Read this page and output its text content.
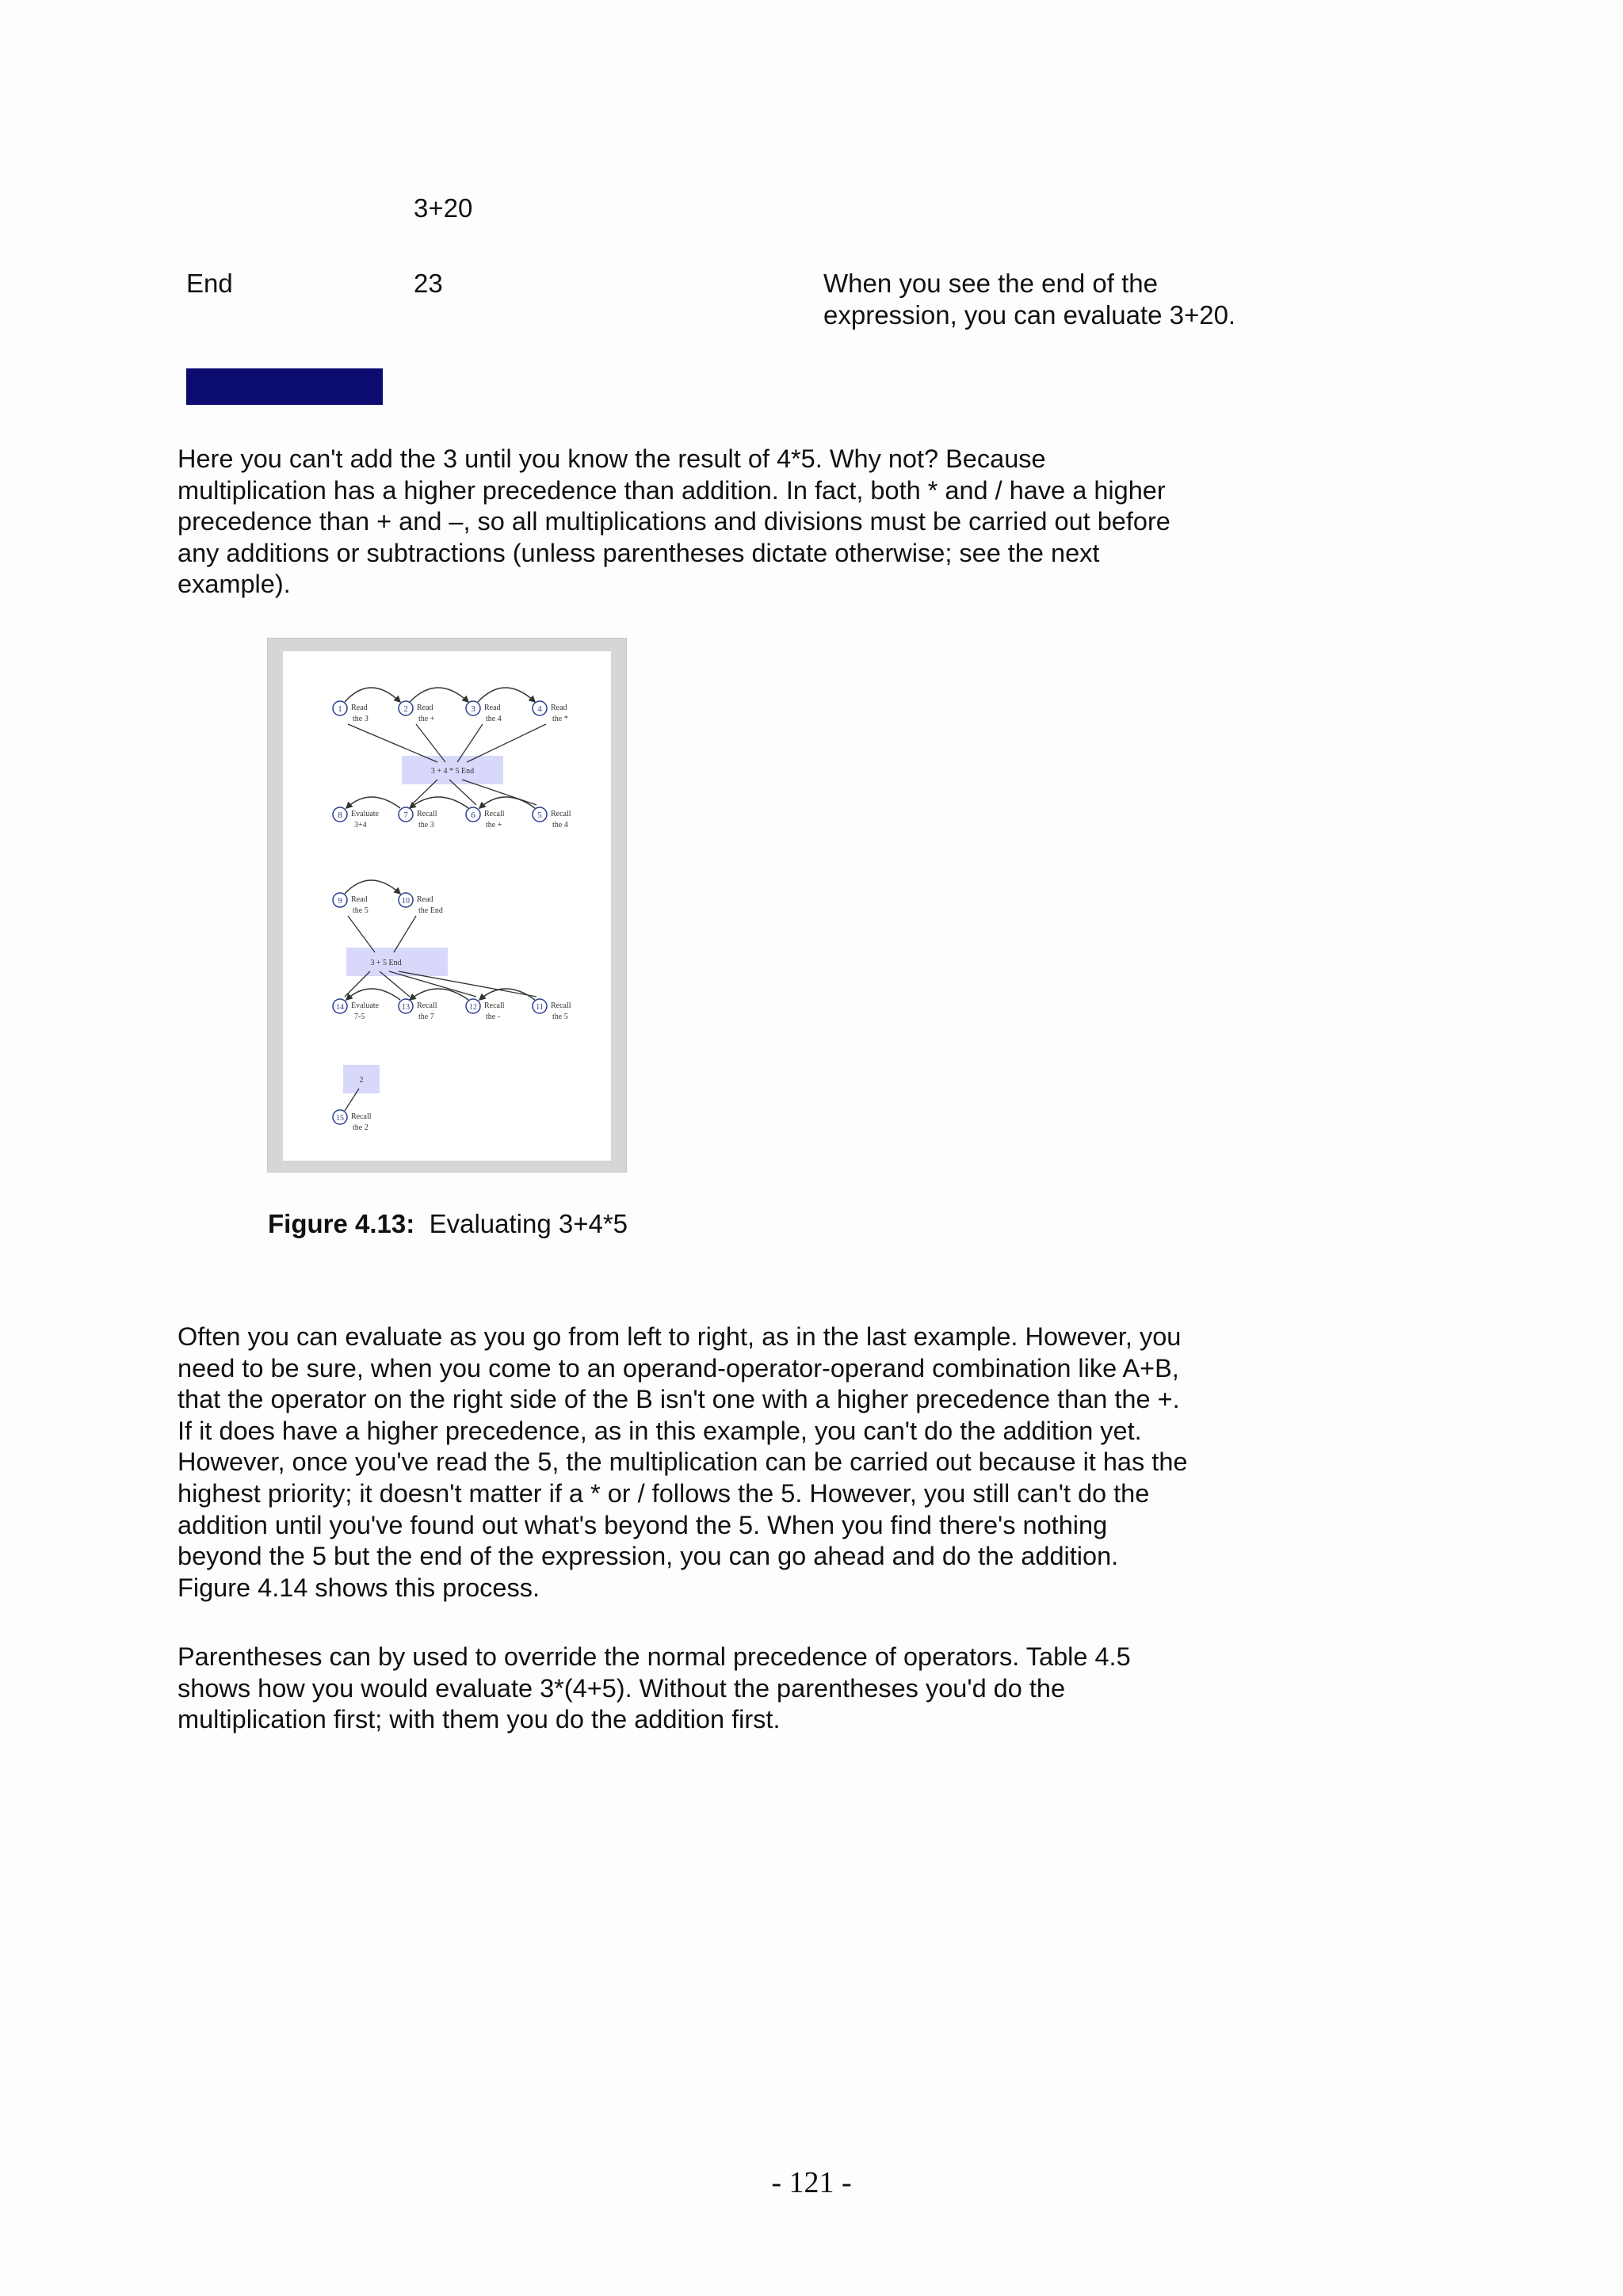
3+20
End	23	When you see the end of the
expression, you can evaluate 3+20.
Here you can't add the 3 until you know the result of 4*5. Why not? Because
multiplication has a higher precedence than addition. In fact, both * and / have a higher
precedence than + and –, so all multiplications and divisions must be carried out before
any additions or subtractions (unless parentheses dictate otherwise; see the next
example).
1 Read
the 3
2 Read
the +
3 Read
the 4
4 Read
the *
3 + 4 * 5 End
8 Evaluate
3+4
7 Recall
the 3
6 Recall
the +
5 Recall
the 4
9 Read
the 5
10 Read
the End
3 + 5 End
14 Evaluate
7-5
13 Recall
the 7
12 Recall
the -
11 Recall
the 5
2
15 Recall
the 2
Figure 4.13: Evaluating 3+4*5
Often you can evaluate as you go from left to right, as in the last example. However, you
need to be sure, when you come to an operand-operator-operand combination like A+B,
that the operator on the right side of the B isn't one with a higher precedence than the +.
If it does have a higher precedence, as in this example, you can't do the addition yet.
However, once you've read the 5, the multiplication can be carried out because it has the
highest priority; it doesn't matter if a * or / follows the 5. However, you still can't do the
addition until you've found out what's beyond the 5. When you find there's nothing
beyond the 5 but the end of the expression, you can go ahead and do the addition.
Figure 4.14 shows this process.
Parentheses can by used to override the normal precedence of operators. Table 4.5
shows how you would evaluate 3*(4+5). Without the parentheses you'd do the
multiplication first; with them you do the addition first.
- 121 -
